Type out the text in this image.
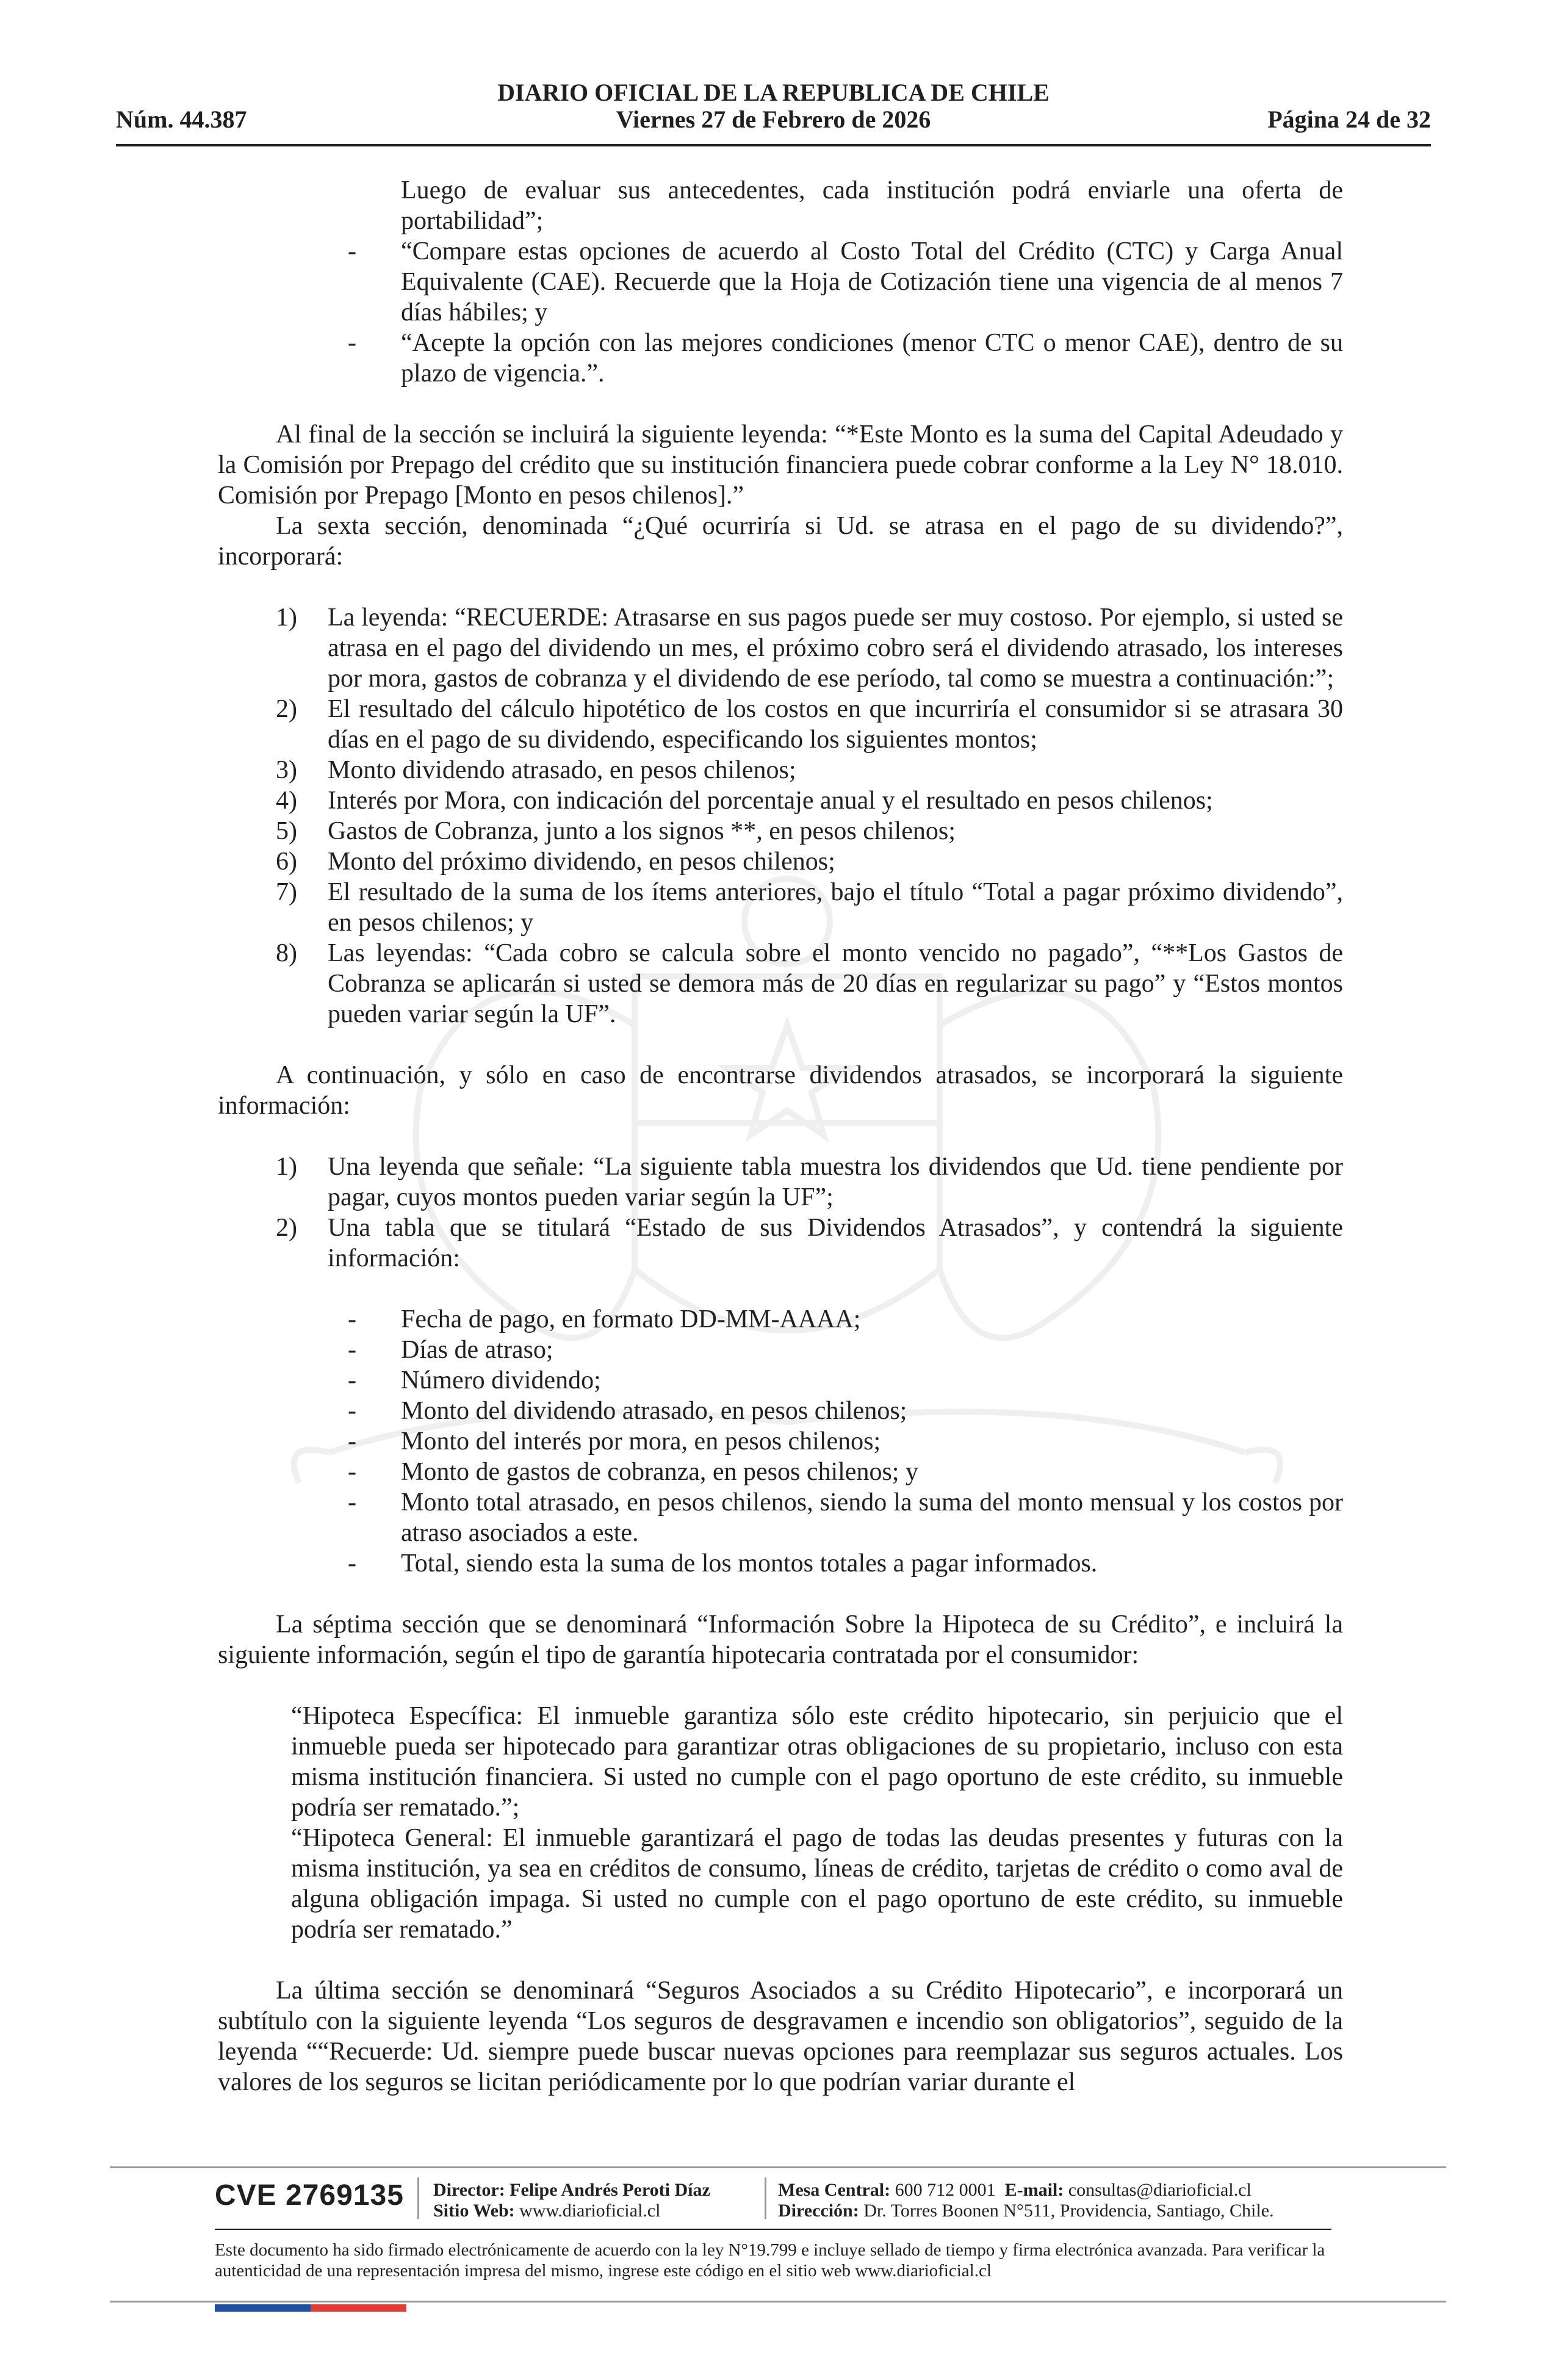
DIARIO OFICIAL DE LA REPUBLICA DE CHILE
Núm. 44.387	Viernes 27 de Febrero de 2026	Página 24 de 32

Luego de evaluar sus antecedentes, cada institución podrá enviarle una oferta de portabilidad”;

- “Compare estas opciones de acuerdo al Costo Total del Crédito (CTC) y Carga Anual Equivalente (CAE). Recuerde que la Hoja de Cotización tiene una vigencia de al menos 7 días hábiles; y
- “Acepte la opción con las mejores condiciones (menor CTC o menor CAE), dentro de su plazo de vigencia.”.

Al final de la sección se incluirá la siguiente leyenda: “*Este Monto es la suma del Capital Adeudado y la Comisión por Prepago del crédito que su institución financiera puede cobrar conforme a la Ley N° 18.010. Comisión por Prepago [Monto en pesos chilenos].”

La sexta sección, denominada “¿Qué ocurriría si Ud. se atrasa en el pago de su dividendo?”, incorporará:

1) La leyenda: “RECUERDE: Atrasarse en sus pagos puede ser muy costoso. Por ejemplo, si usted se atrasa en el pago del dividendo un mes, el próximo cobro será el dividendo atrasado, los intereses por mora, gastos de cobranza y el dividendo de ese período, tal como se muestra a continuación:”;
2) El resultado del cálculo hipotético de los costos en que incurriría el consumidor si se atrasara 30 días en el pago de su dividendo, especificando los siguientes montos;
3) Monto dividendo atrasado, en pesos chilenos;
4) Interés por Mora, con indicación del porcentaje anual y el resultado en pesos chilenos;
5) Gastos de Cobranza, junto a los signos **, en pesos chilenos;
6) Monto del próximo dividendo, en pesos chilenos;
7) El resultado de la suma de los ítems anteriores, bajo el título “Total a pagar próximo dividendo”, en pesos chilenos; y
8) Las leyendas: “Cada cobro se calcula sobre el monto vencido no pagado”, “**Los Gastos de Cobranza se aplicarán si usted se demora más de 20 días en regularizar su pago” y “Estos montos pueden variar según la UF”.

A continuación, y sólo en caso de encontrarse dividendos atrasados, se incorporará la siguiente información:

1) Una leyenda que señale: “La siguiente tabla muestra los dividendos que Ud. tiene pendiente por pagar, cuyos montos pueden variar según la UF”;
2) Una tabla que se titulará “Estado de sus Dividendos Atrasados”, y contendrá la siguiente información:
- Fecha de pago, en formato DD-MM-AAAA;
- Días de atraso;
- Número dividendo;
- Monto del dividendo atrasado, en pesos chilenos;
- Monto del interés por mora, en pesos chilenos;
- Monto de gastos de cobranza, en pesos chilenos; y
- Monto total atrasado, en pesos chilenos, siendo la suma del monto mensual y los costos por atraso asociados a este.
- Total, siendo esta la suma de los montos totales a pagar informados.

La séptima sección que se denominará “Información Sobre la Hipoteca de su Crédito”, e incluirá la siguiente información, según el tipo de garantía hipotecaria contratada por el consumidor:

“Hipoteca Específica: El inmueble garantiza sólo este crédito hipotecario, sin perjuicio que el inmueble pueda ser hipotecado para garantizar otras obligaciones de su propietario, incluso con esta misma institución financiera. Si usted no cumple con el pago oportuno de este crédito, su inmueble podría ser rematado.”;

“Hipoteca General: El inmueble garantizará el pago de todas las deudas presentes y futuras con la misma institución, ya sea en créditos de consumo, líneas de crédito, tarjetas de crédito o como aval de alguna obligación impaga. Si usted no cumple con el pago oportuno de este crédito, su inmueble podría ser rematado.”

La última sección se denominará “Seguros Asociados a su Crédito Hipotecario”, e incorporará un subtítulo con la siguiente leyenda “Los seguros de desgravamen e incendio son obligatorios”, seguido de la leyenda ““Recuerde: Ud. siempre puede buscar nuevas opciones para reemplazar sus seguros actuales. Los valores de los seguros se licitan periódicamente por lo que podrían variar durante el

CVE 2769135 Director: Felipe Andrés Peroti Díaz
Sitio Web: www.diarioficial.cl
Mesa Central: 600 712 0001 E-mail: consultas@diarioficial.cl
Dirección: Dr. Torres Boonen N°511, Providencia, Santiago, Chile.
Este documento ha sido firmado electrónicamente de acuerdo con la ley N°19.799 e incluye sellado de tiempo y firma electrónica avanzada. Para verificar la autenticidad de una representación impresa del mismo, ingrese este código en el sitio web www.diarioficial.cl
